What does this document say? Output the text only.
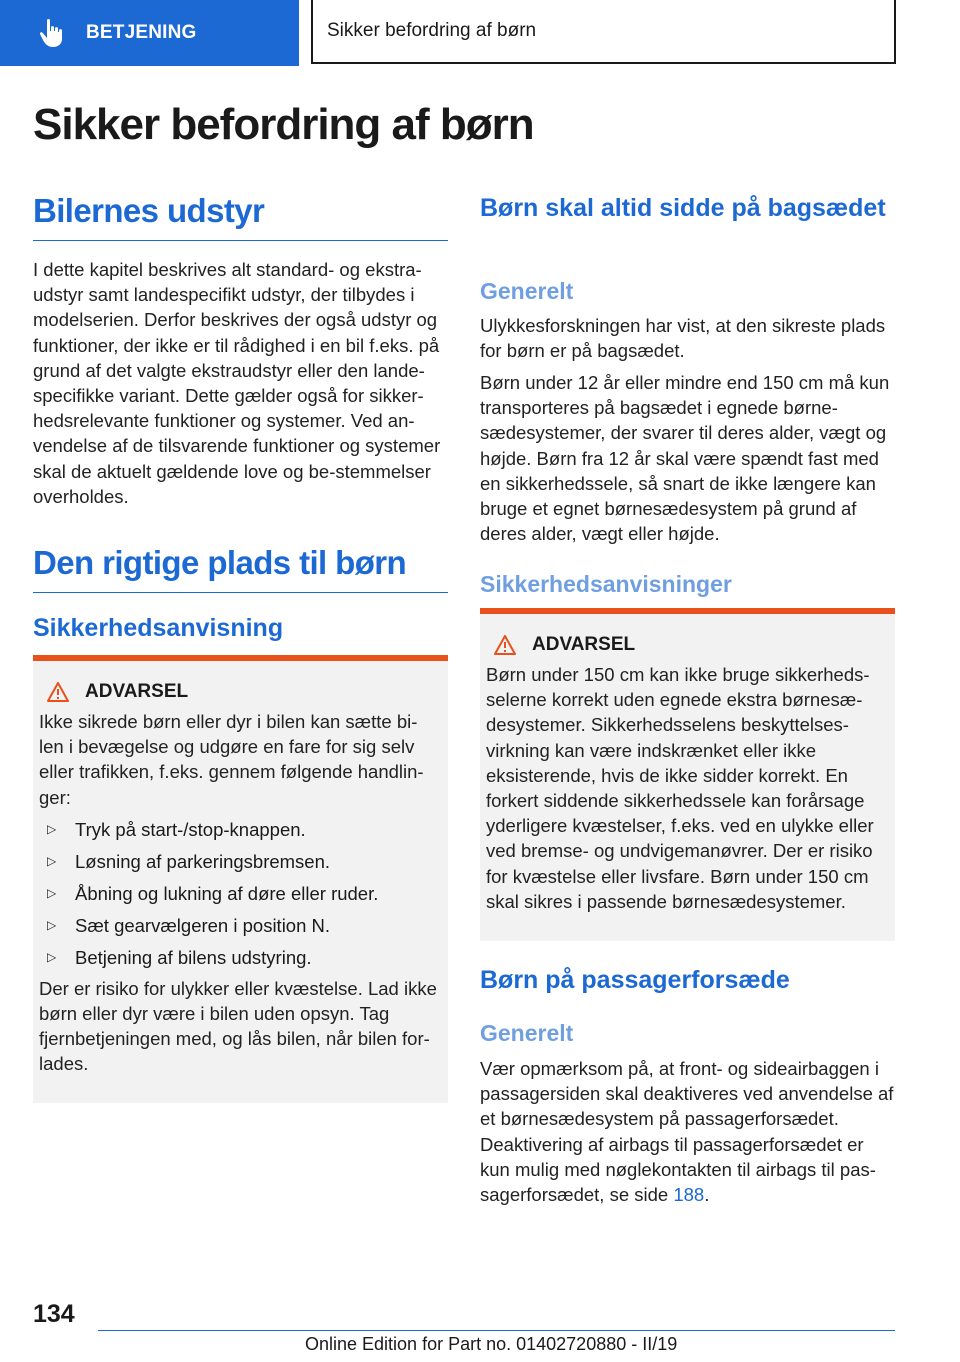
BETJENING	Sikker befordring af børn
Sikker befordring af børn
Bilernes udstyr
I dette kapitel beskrives alt standard- og ekstra-udstyr samt landespecifikt udstyr, der tilbydes i modelserien. Derfor beskrives der også udstyr og funktioner, der ikke er til rådighed i en bil f.eks. på grund af det valgte ekstraudstyr eller den lande-specifikke variant. Dette gælder også for sikker-hedsrelevante funktioner og systemer. Ved an-vendelse af de tilsvarende funktioner og systemer skal de aktuelt gældende love og be-stemmelser overholdes.
Den rigtige plads til børn
Sikkerhedsanvisning
ADVARSEL
Ikke sikrede børn eller dyr i bilen kan sætte bi-len i bevægelse og udgøre en fare for sig selv eller trafikken, f.eks. gennem følgende handlin-ger:
▷	Tryk på start-/stop-knappen.
▷	Løsning af parkeringsbremsen.
▷	Åbning og lukning af døre eller ruder.
▷	Sæt gearvælgeren i position N.
▷	Betjening af bilens udstyring.
Der er risiko for ulykker eller kvæstelse. Lad ikke børn eller dyr være i bilen uden opsyn. Tag fjernbetjeningen med, og lås bilen, når bilen for-lades.
Børn skal altid sidde på bagsædet
Generelt
Ulykkesforskningen har vist, at den sikreste plads for børn er på bagsædet.
Børn under 12 år eller mindre end 150 cm må kun transporteres på bagsædet i egnede børne-sædesystemer, der svarer til deres alder, vægt og højde. Børn fra 12 år skal være spændt fast med en sikkerhedssele, så snart de ikke længere kan bruge et egnet børnesædesystem på grund af deres alder, vægt eller højde.
Sikkerhedsanvisninger
ADVARSEL
Børn under 150 cm kan ikke bruge sikkerheds-selerne korrekt uden egnede ekstra børnesæ-desystemer. Sikkerhedsselens beskyttelses-virkning kan være indskrænket eller ikke eksisterende, hvis de ikke sidder korrekt. En forkert siddende sikkerhedssele kan forårsage yderligere kvæstelser, f.eks. ved en ulykke eller ved bremse- og undvigemanøvrer. Der er risiko for kvæstelse eller livsfare. Børn under 150 cm skal sikres i passende børnesædesystemer.
Børn på passagerforsæde
Generelt
Vær opmærksom på, at front- og sideairbaggen i passagersiden skal deaktiveres ved anvendelse af et børnesædesystem på passagerforsædet. Deaktivering af airbags til passagerforsædet er kun mulig med nøglekontakten til airbags til pas-sagerforsædet, se side 188.
134
Online Edition for Part no. 01402720880 - II/19
